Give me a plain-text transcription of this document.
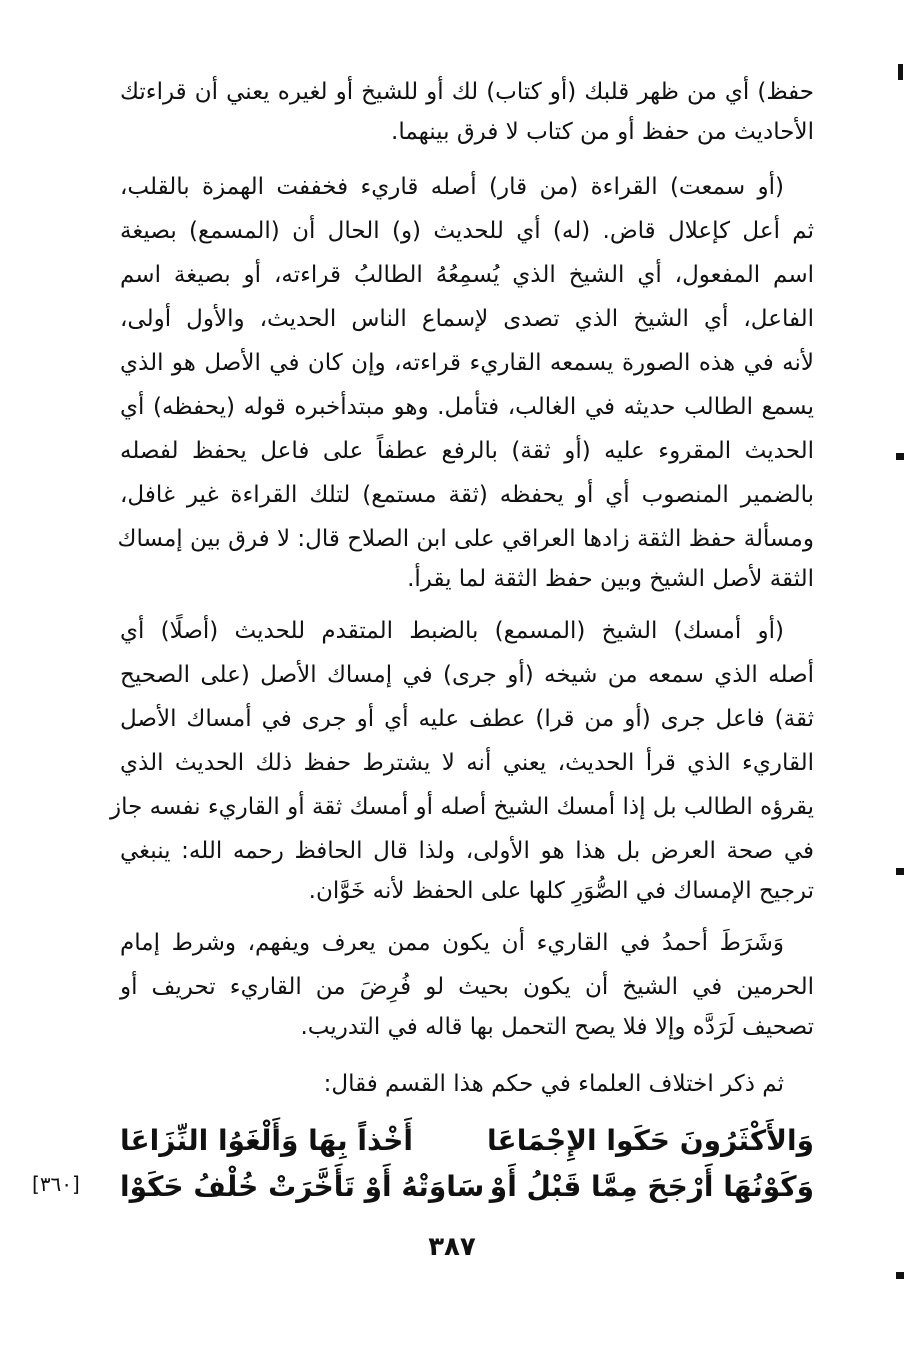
حفظ) أي من ظهر قلبك (أو كتاب) لك أو للشيخ أو لغيره يعني أن قراءتك
الأحاديث من حفظ أو من كتاب لا فرق بينهما.
(أو سمعت) القراءة (من قار) أصله قاريء فخففت الهمزة بالقلب،
ثم أعل كإعلال قاض. (له) أي للحديث (و) الحال أن (المسمع) بصيغة
اسم المفعول، أي الشيخ الذي يُسمِعُهُ الطالبُ قراءته، أو بصيغة اسم
الفاعل، أي الشيخ الذي تصدى لإسماع الناس الحديث، والأول أولى،
لأنه في هذه الصورة يسمعه القاريء قراءته، وإن كان في الأصل هو الذي
يسمع الطالب حديثه في الغالب، فتأمل. وهو مبتدأخبره قوله (يحفظه) أي
الحديث المقروء عليه (أو ثقة) بالرفع عطفاً على فاعل يحفظ لفصله
بالضمير المنصوب أي أو يحفظه (ثقة مستمع) لتلك القراءة غير غافل،
ومسألة حفظ الثقة زادها العراقي على ابن الصلاح قال: لا فرق بين إمساك
الثقة لأصل الشيخ وبين حفظ الثقة لما يقرأ.
(أو أمسك) الشيخ (المسمع) بالضبط المتقدم للحديث (أصلًا) أي
أصله الذي سمعه من شيخه (أو جرى) في إمساك الأصل (على الصحيح
ثقة) فاعل جرى (أو من قرا) عطف عليه أي أو جرى في أمساك الأصل
القاريء الذي قرأ الحديث، يعني أنه لا يشترط حفظ ذلك الحديث الذي
يقرؤه الطالب بل إذا أمسك الشيخ أصله أو أمسك ثقة أو القاريء نفسه جاز
في صحة العرض بل هذا هو الأولى، ولذا قال الحافظ رحمه الله: ينبغي
ترجيح الإمساك في الصُّوَرِ كلها على الحفظ لأنه خَوَّان.
وَشَرَطَ أحمدُ في القاريء أن يكون ممن يعرف ويفهم، وشرط إمام
الحرمين في الشيخ أن يكون بحيث لو فُرِضَ من القاريء تحريف أو
تصحيف لَرَدَّه وإلا فلا يصح التحمل بها قاله في التدريب.
ثم ذكر اختلاف العلماء في حكم هذا القسم فقال:
وَالأَكْثَرُونَ حَكَوا الإِجْمَاعَا
أَخْذاً بِهَا وَأَلْغَوُا النِّزَاعَا
وَكَوْنُهَا أَرْجَحَ مِمَّا قَبْلُ أَوْ
سَاوَتْهُ أَوْ تَأَخَّرَتْ خُلْفُ حَكَوْا
[٣٦٠]
٣٨٧
